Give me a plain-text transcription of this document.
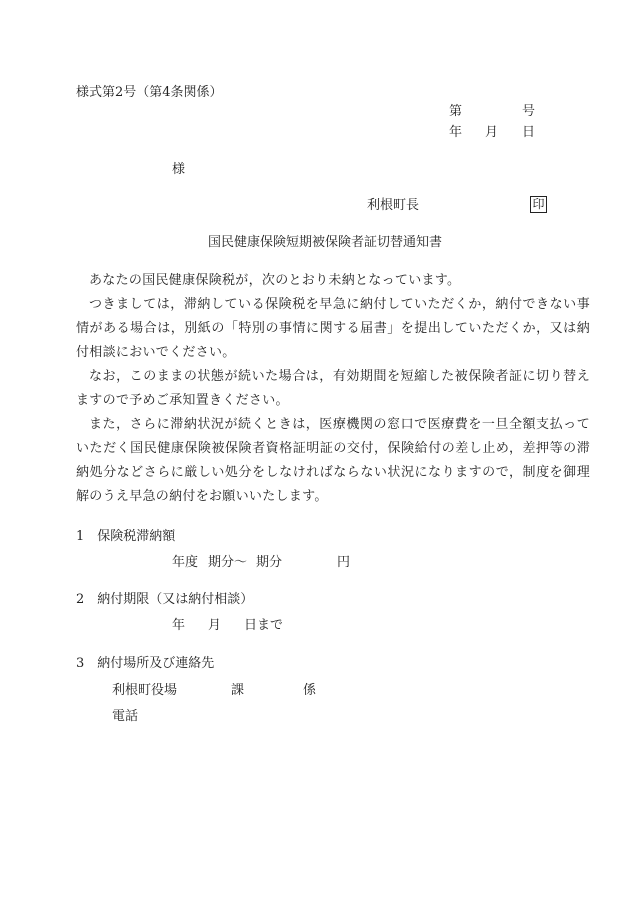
様式第2号（第4条関係）
第	号
年 月 日
様
利根町長	印
国民健康保険短期被保険者証切替通知書
あなたの国民健康保険税が，次のとおり未納となっています。
つきましては，滞納している保険税を早急に納付していただくか，納付できない事情がある場合は，別紙の「特別の事情に関する届書」を提出していただくか，又は納付相談においでください。
なお，このままの状態が続いた場合は，有効期間を短縮した被保険者証に切り替えますので予めご承知置きください。
また，さらに滞納状況が続くときは，医療機関の窓口で医療費を一旦全額支払っていただく国民健康保険被保険者資格証明証の交付，保険給付の差し止め，差押等の滞納処分などさらに厳しい処分をしなければならない状況になりますので，制度を御理解のうえ早急の納付をお願いいたします。
1　保険税滞納額
年度 期分〜 期分	円
2　納付期限（又は納付相談）
年 月 日まで
3　納付場所及び連絡先
利根町役場	課	係
電話
